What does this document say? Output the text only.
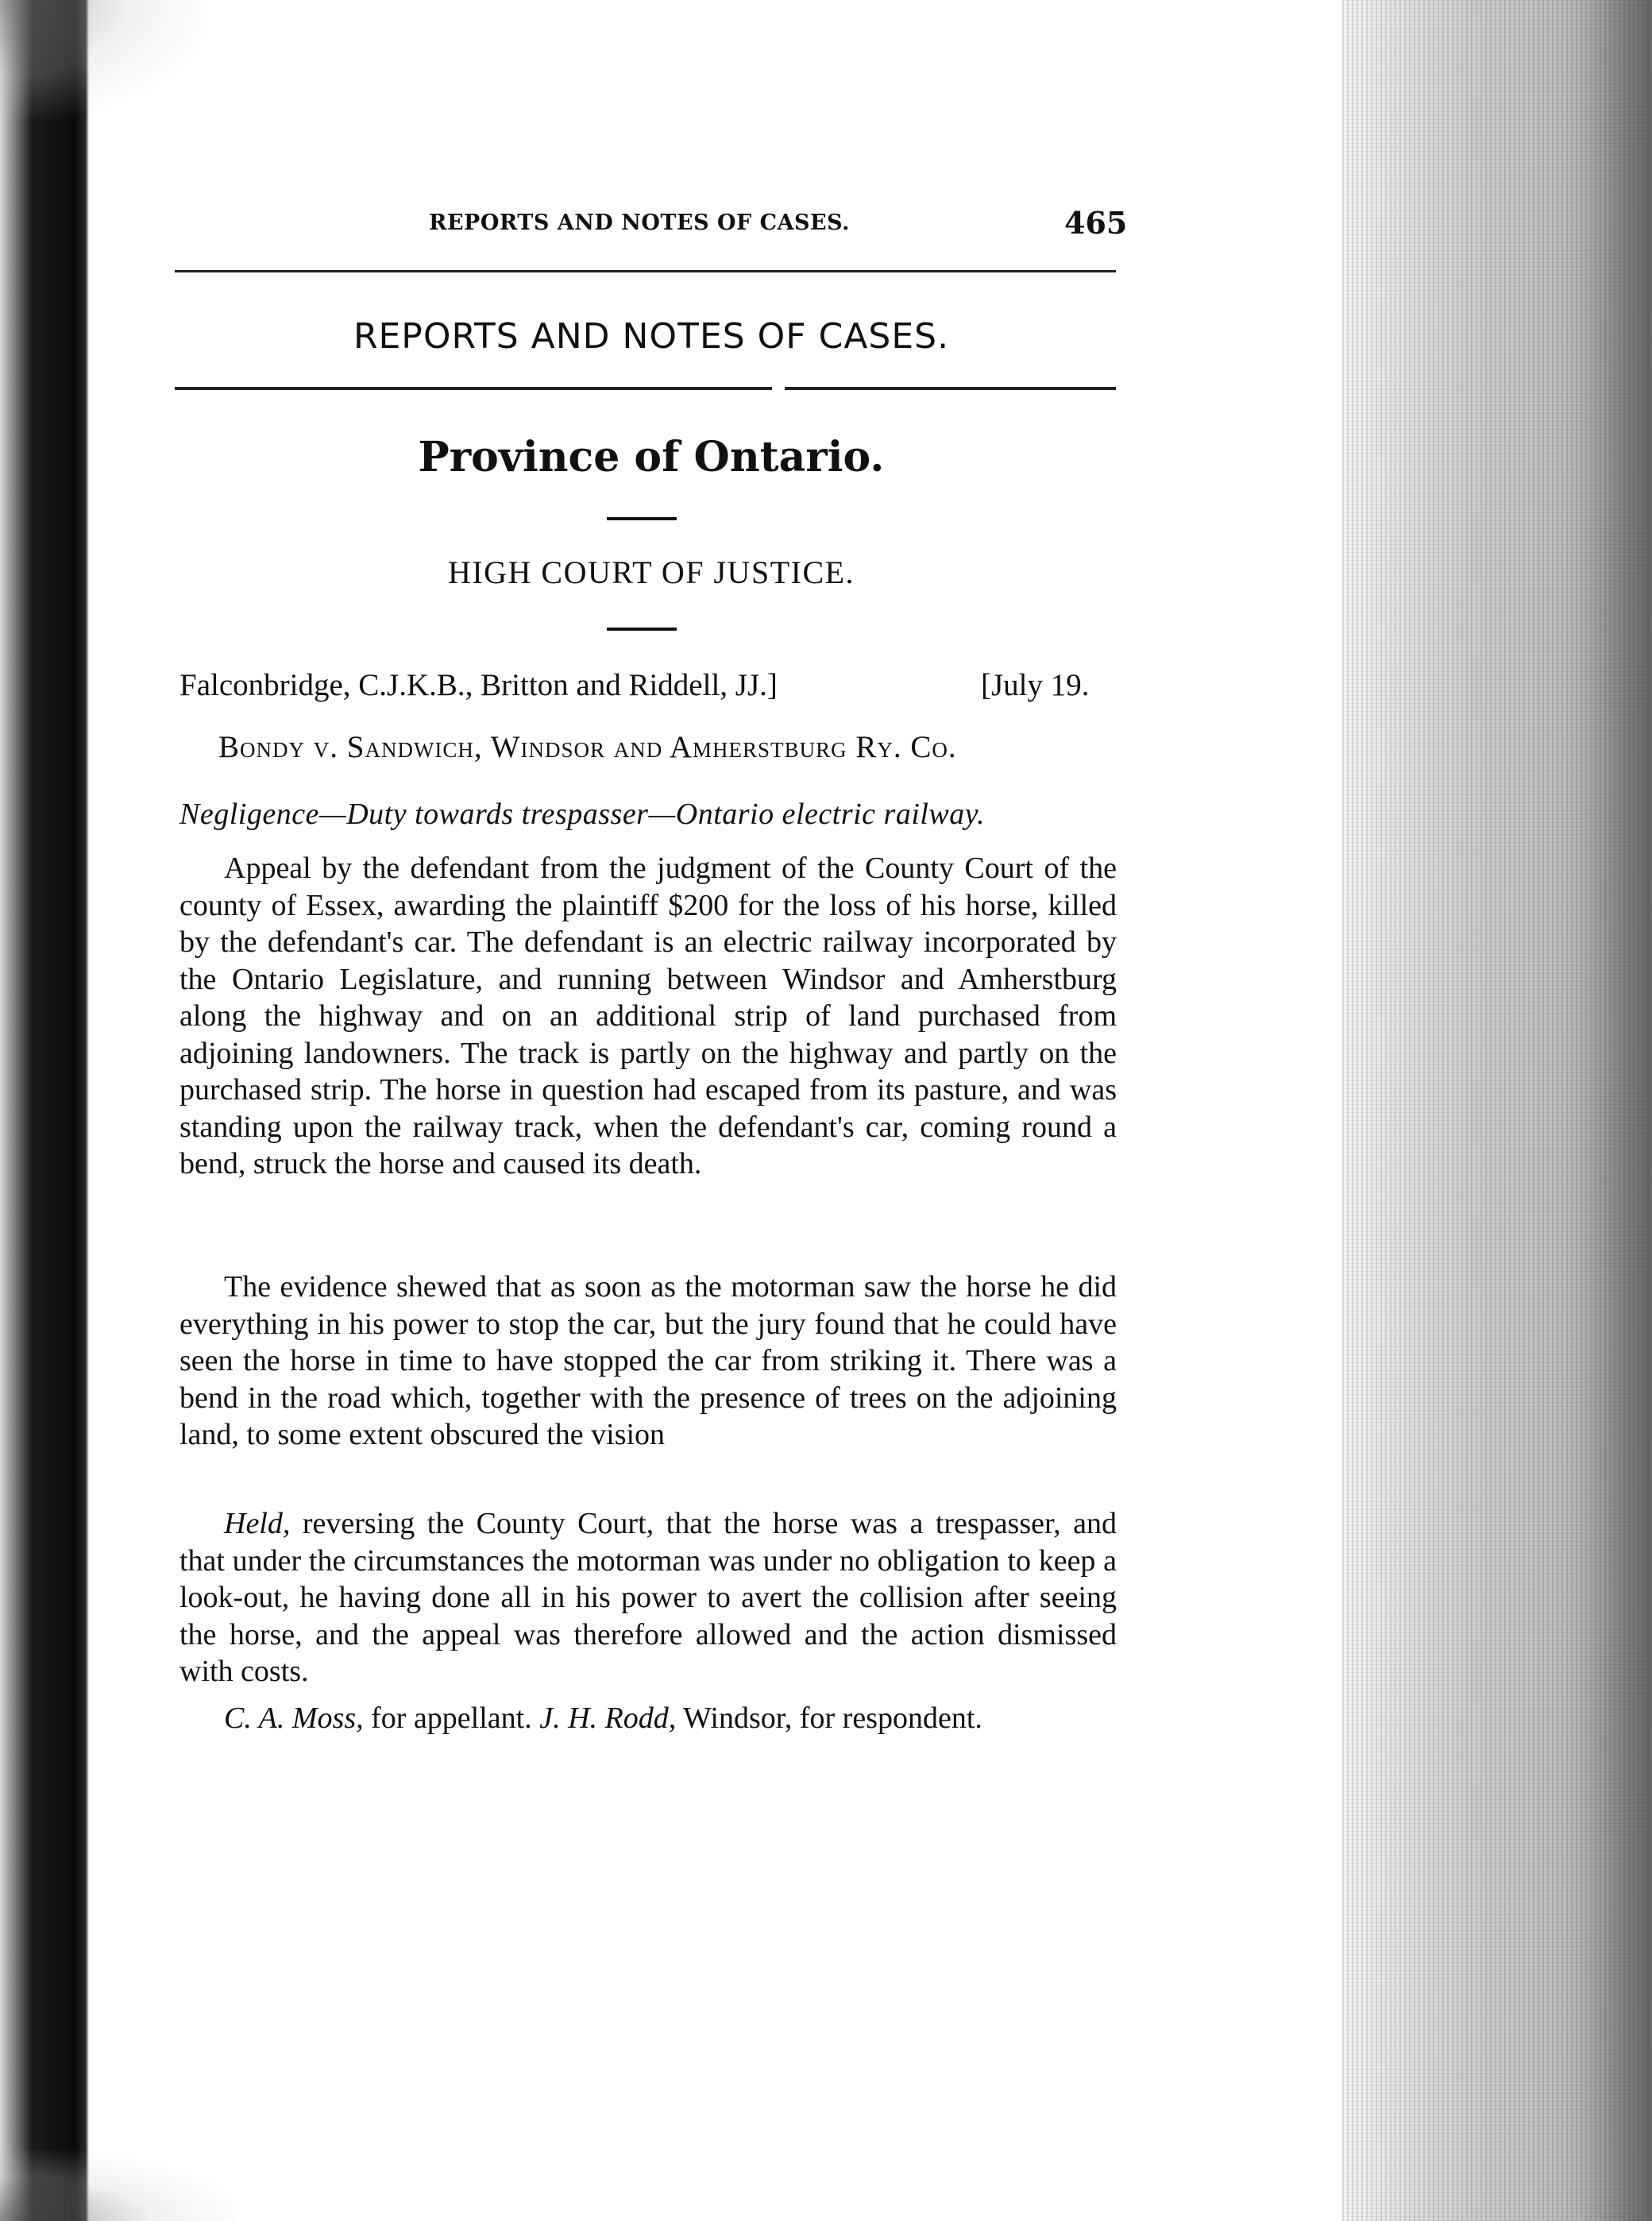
REPORTS AND NOTES OF CASES.	465
REPORTS AND NOTES OF CASES.
Province of Ontario.
HIGH COURT OF JUSTICE.
Falconbridge, C.J.K.B., Britton and Riddell, JJ.]	[July 19.
Bondy v. Sandwich, Windsor and Amherstburg Ry. Co.
Negligence—Duty towards trespasser—Ontario electric railway.
Appeal by the defendant from the judgment of the County Court of the county of Essex, awarding the plaintiff $200 for the loss of his horse, killed by the defendant's car. The defendant is an electric railway incorporated by the Ontario Legislature, and running between Windsor and Amherstburg along the highway and on an additional strip of land purchased from adjoining landowners. The track is partly on the highway and partly on the purchased strip. The horse in question had escaped from its pasture, and was standing upon the railway track, when the defendant's car, coming round a bend, struck the horse and caused its death.
The evidence shewed that as soon as the motorman saw the horse he did everything in his power to stop the car, but the jury found that he could have seen the horse in time to have stopped the car from striking it. There was a bend in the road which, together with the presence of trees on the adjoining land, to some extent obscured the vision
Held, reversing the County Court, that the horse was a trespasser, and that under the circumstances the motorman was under no obligation to keep a look-out, he having done all in his power to avert the collision after seeing the horse, and the appeal was therefore allowed and the action dismissed with costs.
C. A. Moss, for appellant. J. H. Rodd, Windsor, for respondent.
